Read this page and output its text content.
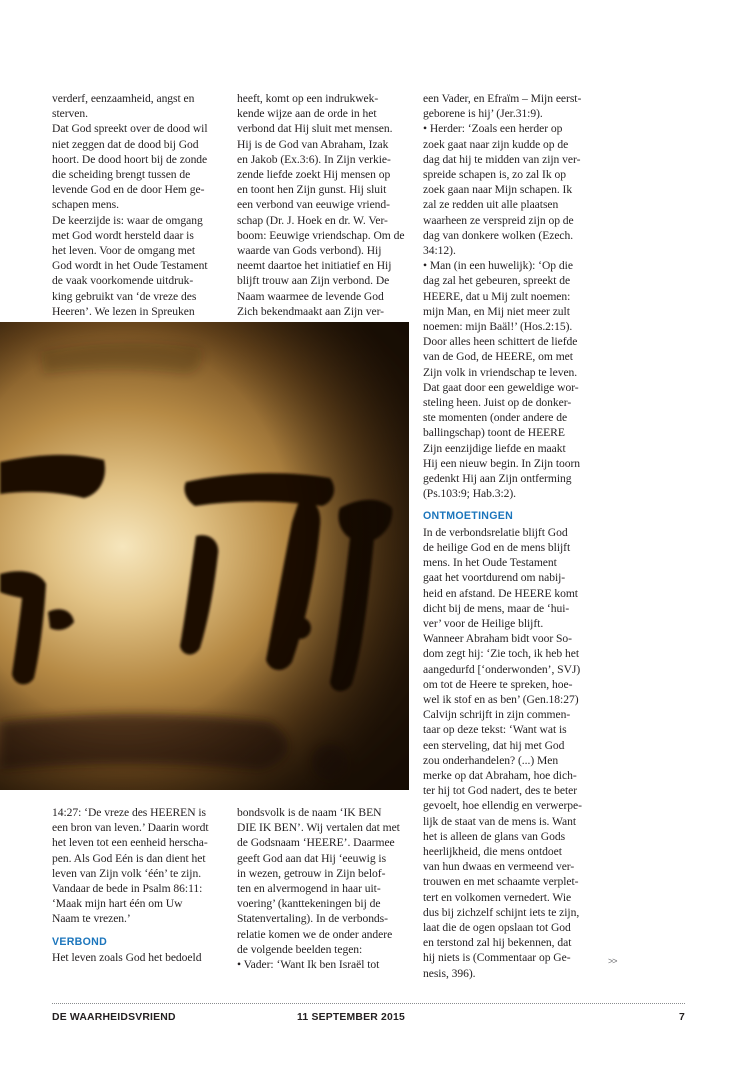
verderf, eenzaamheid, angst en

sterven.

Dat God spreekt over de dood wil

niet zeggen dat de dood bij God

hoort. De dood hoort bij de zonde

die scheiding brengt tussen de

levende God en de door Hem ge-

schapen mens.

De keerzijde is: waar de omgang

met God wordt hersteld daar is

het leven. Voor de omgang met

God wordt in het Oude Testament

de vaak voorkomende uitdruk-

king gebruikt van ‘de vreze des

Heeren’. We lezen in Spreuken

heeft, komt op een indrukwek-

kende wijze aan de orde in het

verbond dat Hij sluit met mensen.

Hij is de God van Abraham, Izak

en Jakob (Ex.3:6). In Zijn verkie-

zende liefde zoekt Hij mensen op

en toont hen Zijn gunst. Hij sluit

een verbond van eeuwige vriend-

schap (Dr. J. Hoek en dr. W. Ver-

boom: Eeuwige vriendschap. Om de

waarde van Gods verbond). Hij

neemt daartoe het initiatief en Hij

blijft trouw aan Zijn verbond. De

Naam waarmee de levende God

Zich bekendmaakt aan Zijn ver-

een Vader, en Efraïm – Mijn eerst-

geborene is hij’ (Jer.31:9).

• Herder: ‘Zoals een herder op

zoek gaat naar zijn kudde op de

dag dat hij te midden van zijn ver-

spreide schapen is, zo zal Ik op

zoek gaan naar Mijn schapen. Ik

zal ze redden uit alle plaatsen

waarheen ze verspreid zijn op de

dag van donkere wolken (Ezech.

34:12).

• Man (in een huwelijk): ‘Op die

dag zal het gebeuren, spreekt de

HEERE, dat u Mij zult noemen:

mijn Man, en Mij niet meer zult

noemen: mijn Baäl!’ (Hos.2:15).

Door alles heen schittert de liefde

van de God, de HEERE, om met

Zijn volk in vriendschap te leven.

Dat gaat door een geweldige wor-

steling heen. Juist op de donker-

ste momenten (onder andere de

ballingschap) toont de HEERE

Zijn eenzijdige liefde en maakt

Hij een nieuw begin. In Zijn toorn

gedenkt Hij aan Zijn ontferming

(Ps.103:9; Hab.3:2).

ONTMOETINGEN

In de verbondsrelatie blijft God

de heilige God en de mens blijft

mens. In het Oude Testament

gaat het voortdurend om nabij-

heid en afstand. De HEERE komt

dicht bij de mens, maar de ‘hui-

ver’ voor de Heilige blijft.

Wanneer Abraham bidt voor So-

dom zegt hij: ‘Zie toch, ik heb het

aangedurfd [‘onderwonden’, SVJ)

om tot de Heere te spreken, hoe-

wel ik stof en as ben’ (Gen.18:27)

Calvijn schrijft in zijn commen-

taar op deze tekst: ‘Want wat is

een sterveling, dat hij met God

zou onderhandelen? (...) Men

merke op dat Abraham, hoe dich-

ter hij tot God nadert, des te beter

gevoelt, hoe ellendig en verwerpe-

lijk de staat van de mens is. Want

het is alleen de glans van Gods

heerlijkheid, die mens ontdoet

van hun dwaas en vermeend ver-

trouwen en met schaamte verplet-

tert en volkomen vernedert. Wie

dus bij zichzelf schijnt iets te zijn,

laat die de ogen opslaan tot God

en terstond zal hij bekennen, dat

hij niets is (Commentaar op Ge-

nesis, 396).

14:27: ‘De vreze des HEEREN is

een bron van leven.’ Daarin wordt

het leven tot een eenheid herscha-

pen. Als God Eén is dan dient het

leven van Zijn volk ‘één’ te zijn.

Vandaar de bede in Psalm 86:11:

‘Maak mijn hart één om Uw

Naam te vrezen.’

VERBOND

Het leven zoals God het bedoeld

bondsvolk is de naam ‘IK BEN

DIE IK BEN’. Wij vertalen dat met

de Godsnaam ‘HEERE’. Daarmee

geeft God aan dat Hij ‘eeuwig is

in wezen, getrouw in Zijn belof-

ten en alvermogend in haar uit-

voering’ (kanttekeningen bij de

Statenvertaling). In de verbonds-

relatie komen we de onder andere

de volgende beelden tegen:

• Vader: ‘Want Ik ben Israël tot	>>
DE WAARHEIDSVRIEND	11 SEPTEMBER 2015	7
